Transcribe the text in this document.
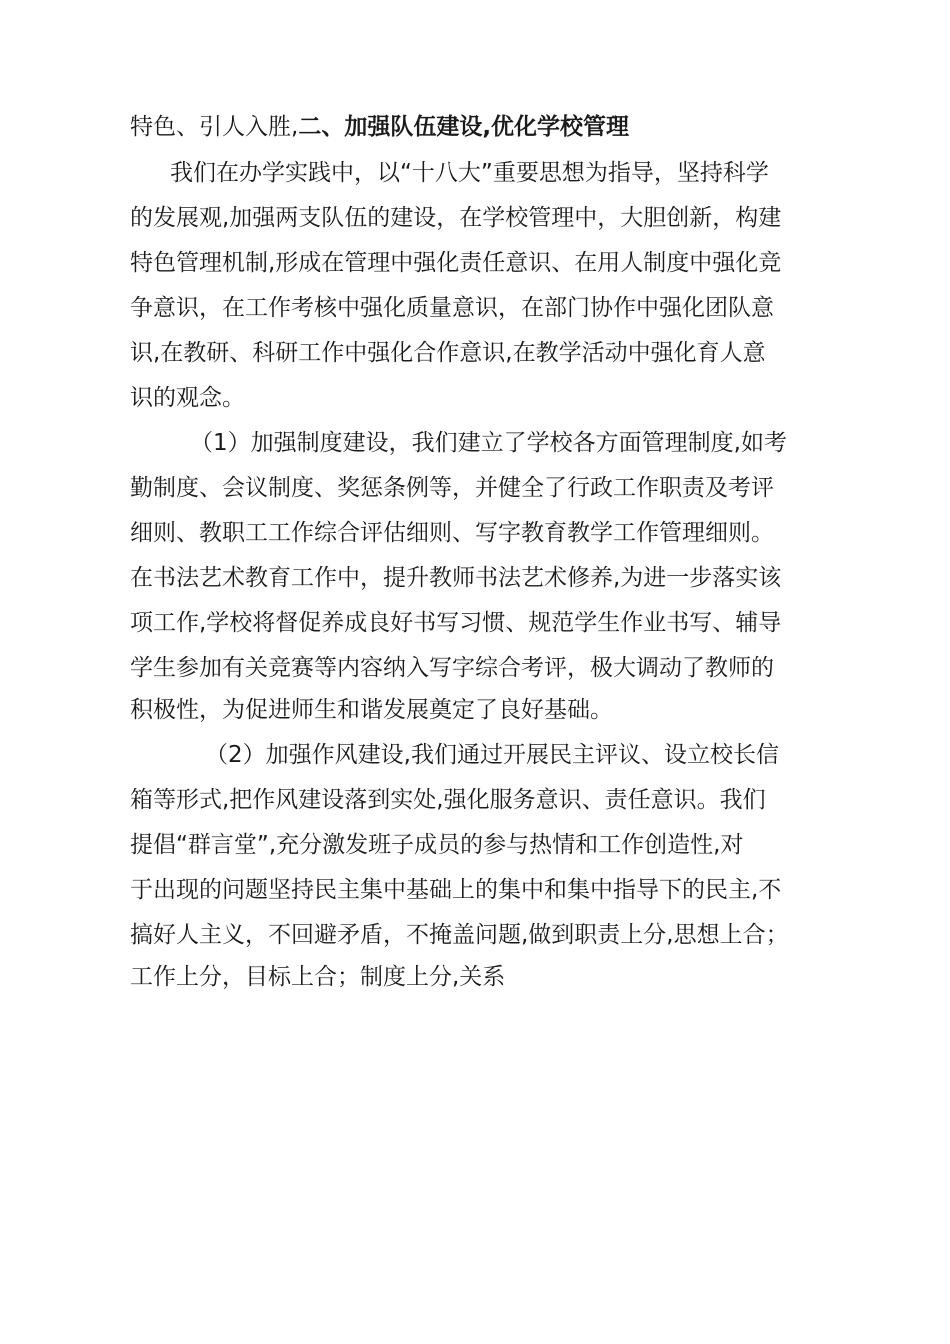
特色、引人入胜,二、加强队伍建设,优化学校管理
我们在办学实践中，以“十八大”重要思想为指导，坚持科学
的发展观,加强两支队伍的建设，在学校管理中，大胆创新，构建
特色管理机制,形成在管理中强化责任意识、在用人制度中强化竞
争意识，在工作考核中强化质量意识，在部门协作中强化团队意
识,在教研、科研工作中强化合作意识,在教学活动中强化育人意
识的观念。
（1）加强制度建设，我们建立了学校各方面管理制度,如考
勤制度、会议制度、奖惩条例等，并健全了行政工作职责及考评
细则、教职工工作综合评估细则、写字教育教学工作管理细则。
在书法艺术教育工作中，提升教师书法艺术修养,为进一步落实该
项工作,学校将督促养成良好书写习惯、规范学生作业书写、辅导
学生参加有关竞赛等内容纳入写字综合考评，极大调动了教师的
积极性，为促进师生和谐发展奠定了良好基础。
（2）加强作风建设,我们通过开展民主评议、设立校长信
箱等形式,把作风建设落到实处,强化服务意识、责任意识。我们
提倡“群言堂”,充分激发班子成员的参与热情和工作创造性,对
于出现的问题坚持民主集中基础上的集中和集中指导下的民主,不
搞好人主义，不回避矛盾，不掩盖问题,做到职责上分,思想上合；
工作上分，目标上合；制度上分,关系
